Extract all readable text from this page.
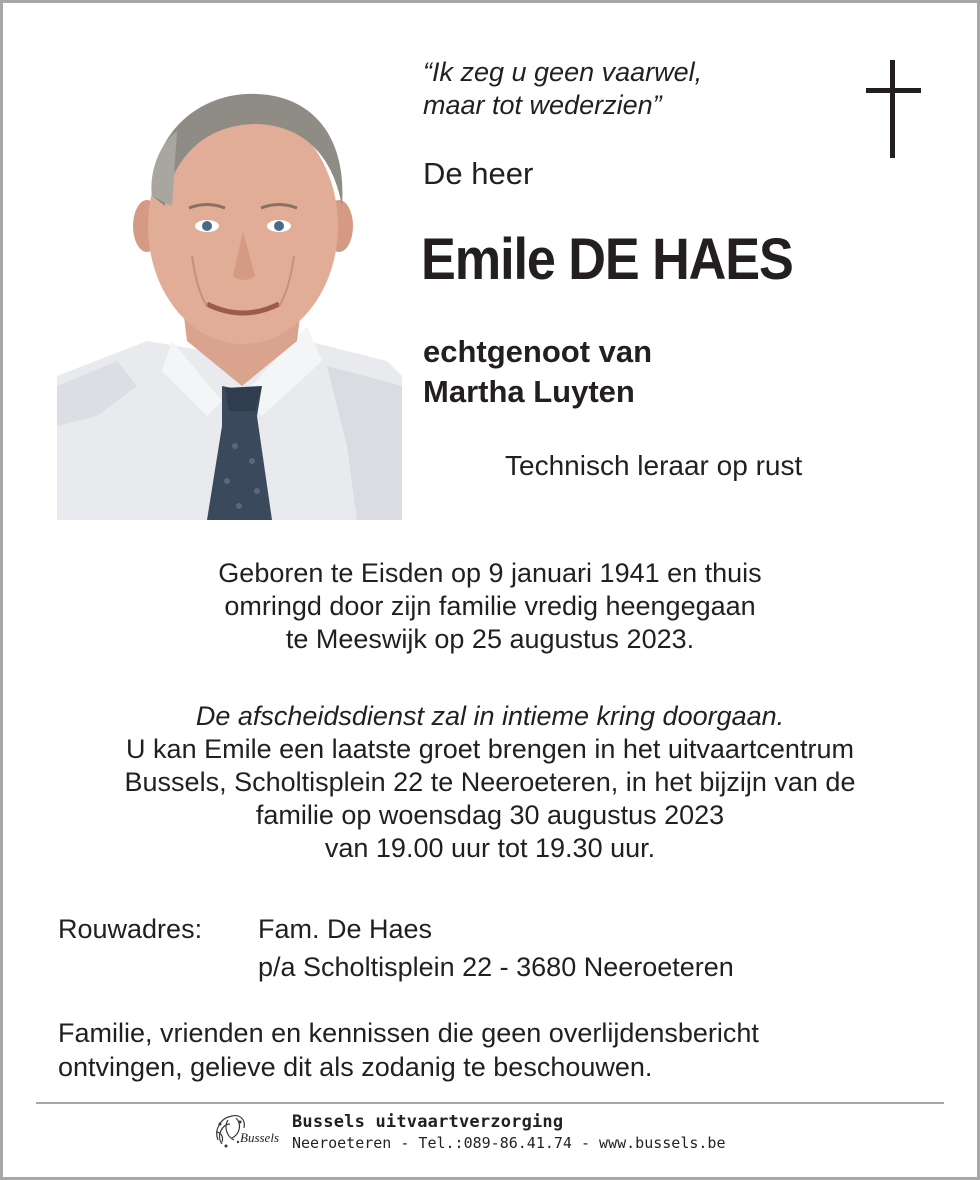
“Ik zeg u geen vaarwel,
maar tot wederzien”
De heer
Emile DE HAES
echtgenoot van
Martha Luyten
Technisch leraar op rust
Geboren te Eisden op 9 januari 1941 en thuis
omringd door zijn familie vredig heengegaan
te Meeswijk op 25 augustus 2023.
De afscheidsdienst zal in intieme kring doorgaan.
U kan Emile een laatste groet brengen in het uitvaartcentrum
Bussels, Scholtisplein 22 te Neeroeteren, in het bijzijn van de
familie op woensdag 30 augustus 2023
van 19.00 uur tot 19.30 uur.
Rouwadres:	Fam. De Haes
p/a Scholtisplein 22 - 3680 Neeroeteren
Familie, vrienden en kennissen die geen overlijdensbericht
ontvingen, gelieve dit als zodanig te beschouwen.
Bussels
Bussels uitvaartverzorging
Neeroeteren - Tel.:089-86.41.74 - www.bussels.be
